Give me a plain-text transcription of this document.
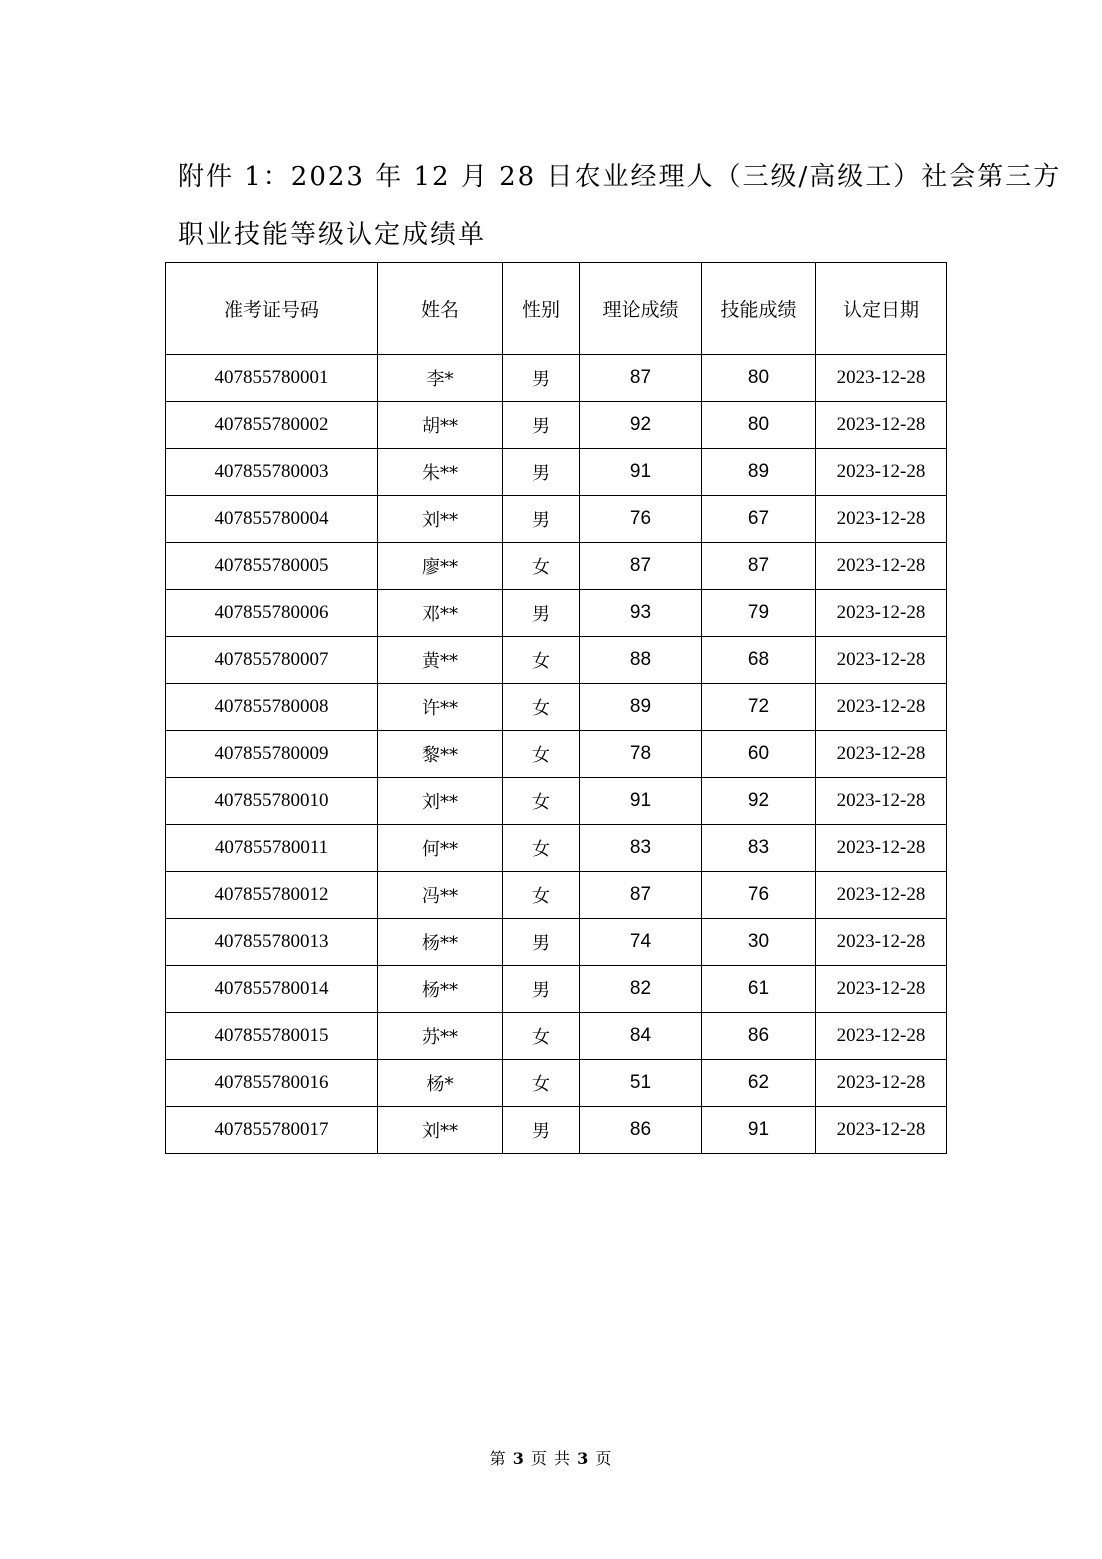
附件 1：2023 年 12 月 28 日农业经理人（三级/高级工）社会第三方
职业技能等级认定成绩单
准考证号码	姓名	性别	理论成绩	技能成绩	认定日期
407855780001	李*	男	87	80	2023-12-28
407855780002	胡**	男	92	80	2023-12-28
407855780003	朱**	男	91	89	2023-12-28
407855780004	刘**	男	76	67	2023-12-28
407855780005	廖**	女	87	87	2023-12-28
407855780006	邓**	男	93	79	2023-12-28
407855780007	黄**	女	88	68	2023-12-28
407855780008	许**	女	89	72	2023-12-28
407855780009	黎**	女	78	60	2023-12-28
407855780010	刘**	女	91	92	2023-12-28
407855780011	何**	女	83	83	2023-12-28
407855780012	冯**	女	87	76	2023-12-28
407855780013	杨**	男	74	30	2023-12-28
407855780014	杨**	男	82	61	2023-12-28
407855780015	苏**	女	84	86	2023-12-28
407855780016	杨*	女	51	62	2023-12-28
407855780017	刘**	男	86	91	2023-12-28
第 3 页 共 3 页
